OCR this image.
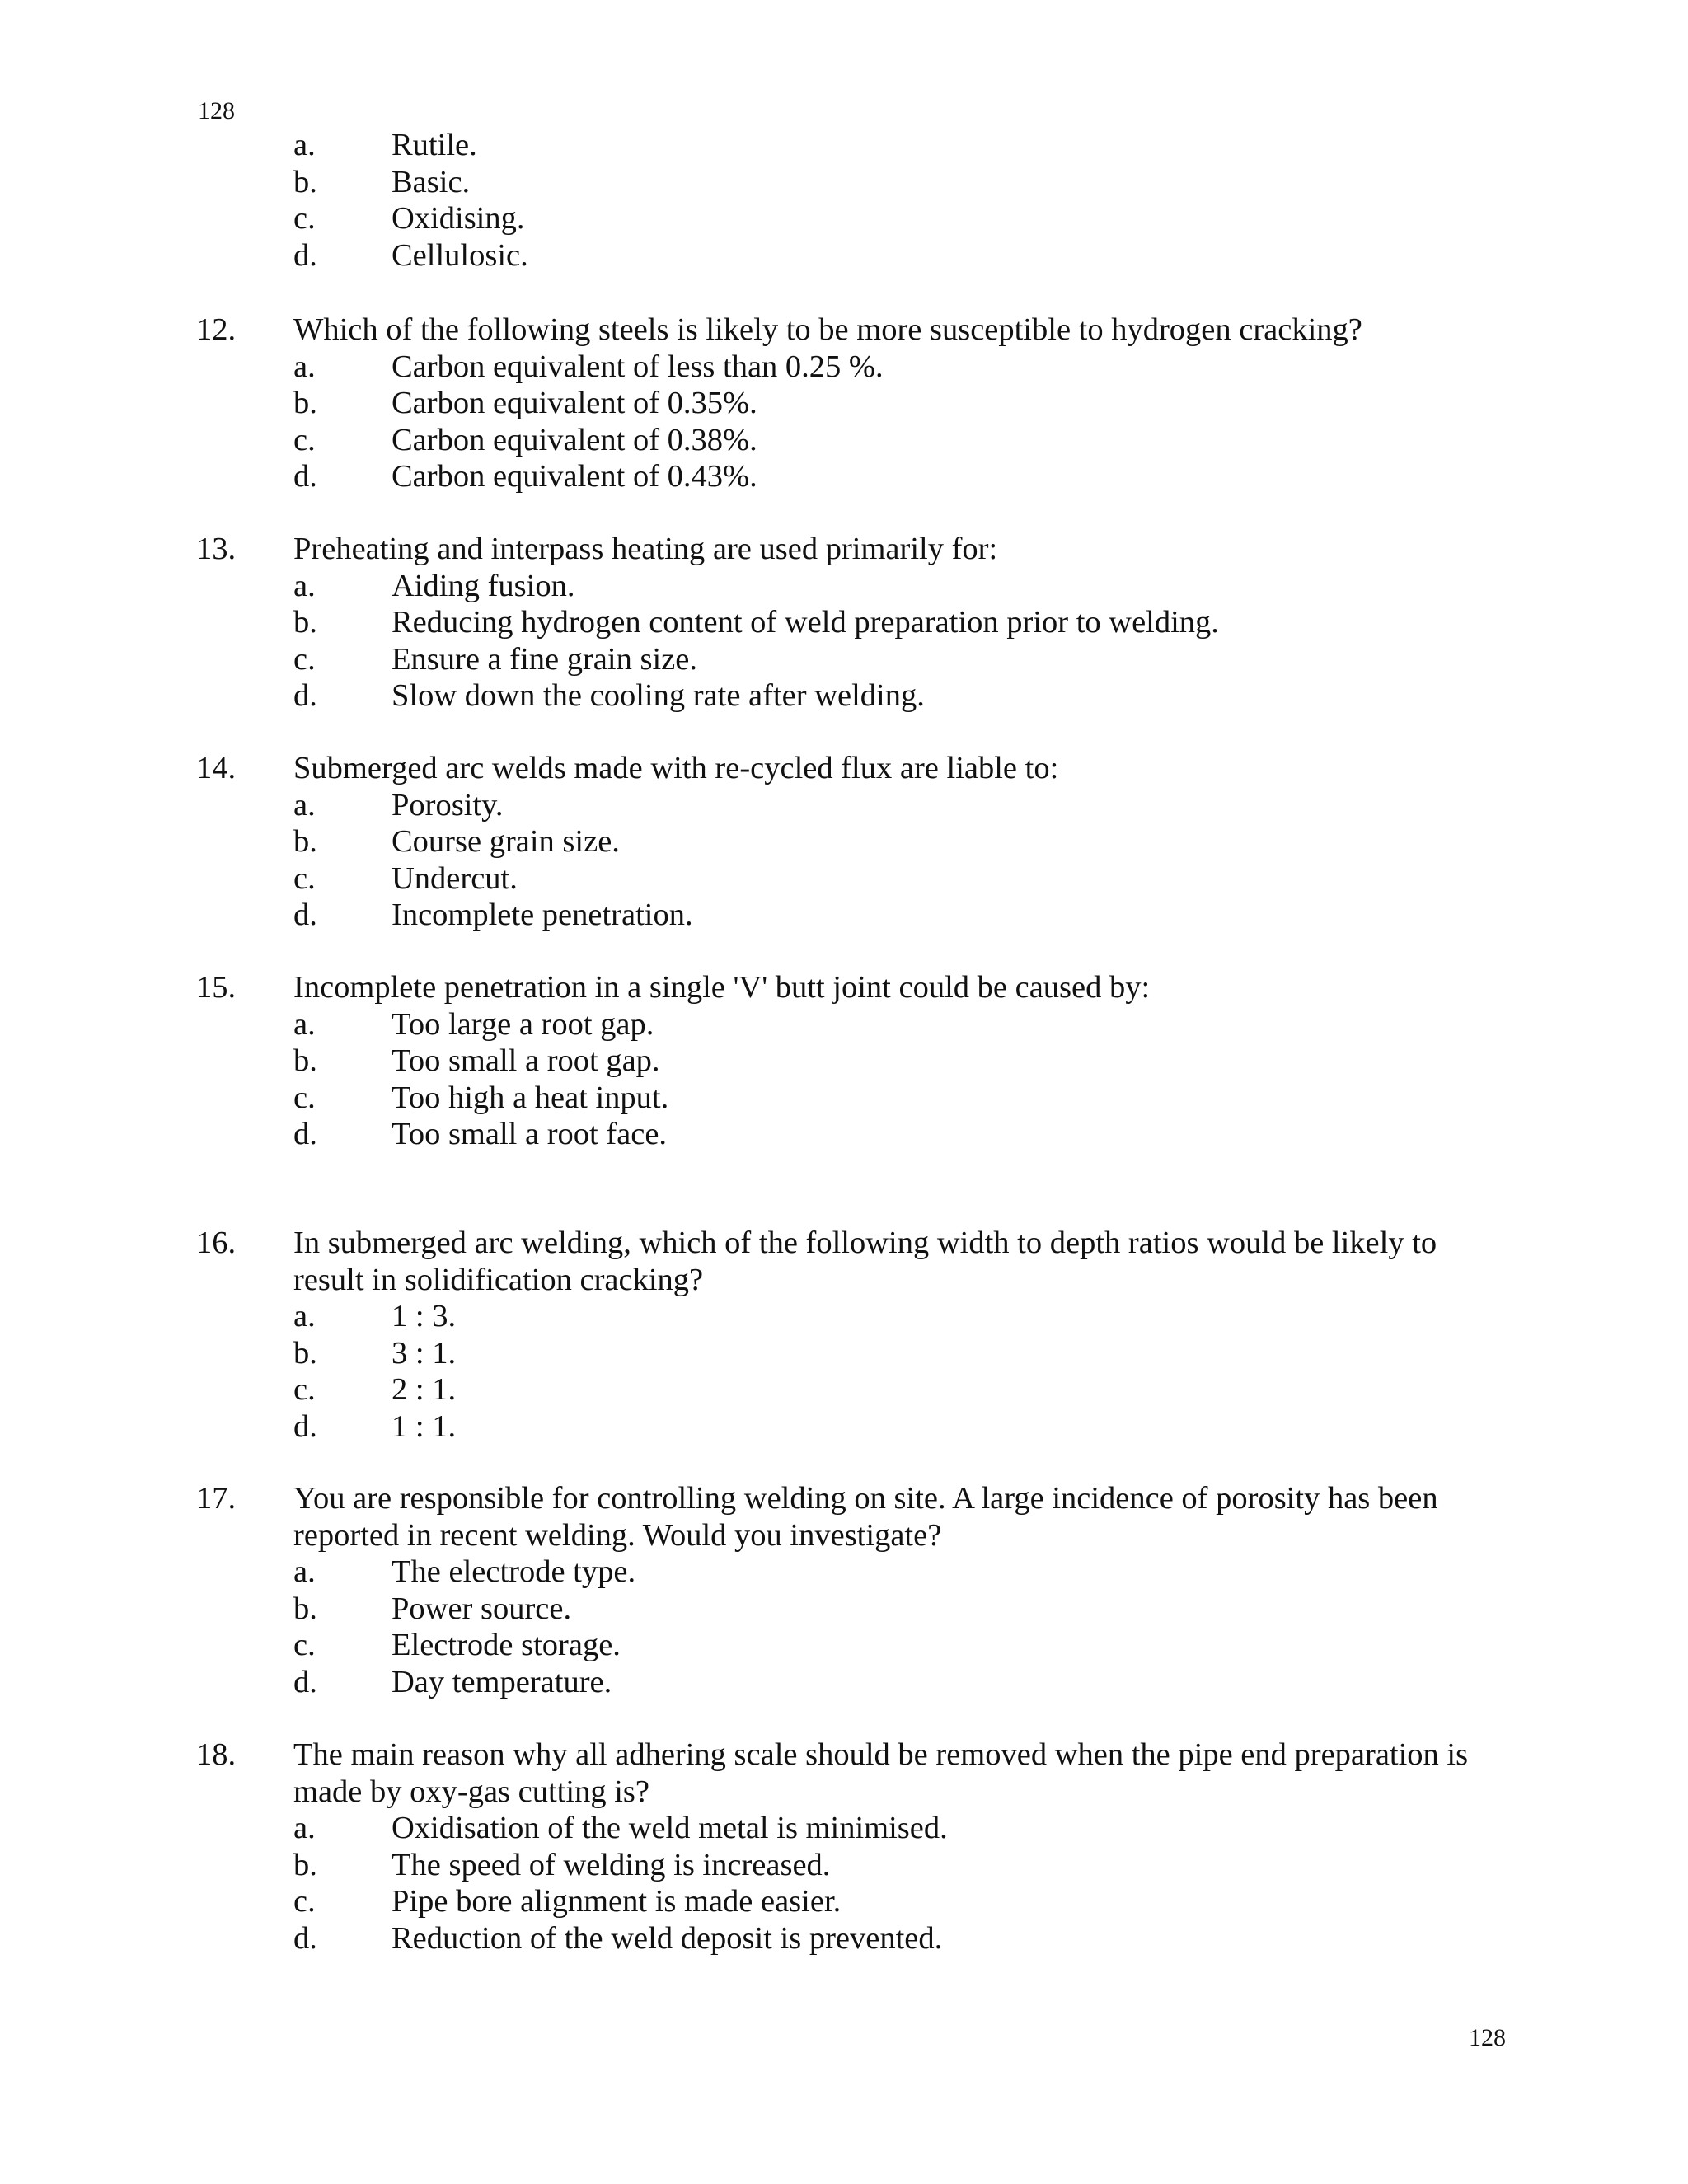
128
a. Rutile.
b. Basic.
c. Oxidising.
d. Cellulosic.
12. Which of the following steels is likely to be more susceptible to hydrogen cracking?
a. Carbon equivalent of less than 0.25 %.
b. Carbon equivalent of 0.35%.
c. Carbon equivalent of 0.38%.
d. Carbon equivalent of 0.43%.
13. Preheating and interpass heating are used primarily for:
a. Aiding fusion.
b. Reducing hydrogen content of weld preparation prior to welding.
c. Ensure a fine grain size.
d. Slow down the cooling rate after welding.
14. Submerged arc welds made with re-cycled flux are liable to:
a. Porosity.
b. Course grain size.
c. Undercut.
d. Incomplete penetration.
15. Incomplete penetration in a single 'V' butt joint could be caused by:
a. Too large a root gap.
b. Too small a root gap.
c. Too high a heat input.
d. Too small a root face.
16. In submerged arc welding, which of the following width to depth ratios would be likely to
result in solidification cracking?
a. 1 : 3.
b. 3 : 1.
c. 2 : 1.
d. 1 : 1.
17. You are responsible for controlling welding on site. A large incidence of porosity has been
reported in recent welding. Would you investigate?
a. The electrode type.
b. Power source.
c. Electrode storage.
d. Day temperature.
18. The main reason why all adhering scale should be removed when the pipe end preparation is
made by oxy-gas cutting is?
a. Oxidisation of the weld metal is minimised.
b. The speed of welding is increased.
c. Pipe bore alignment is made easier.
d. Reduction of the weld deposit is prevented.
128
